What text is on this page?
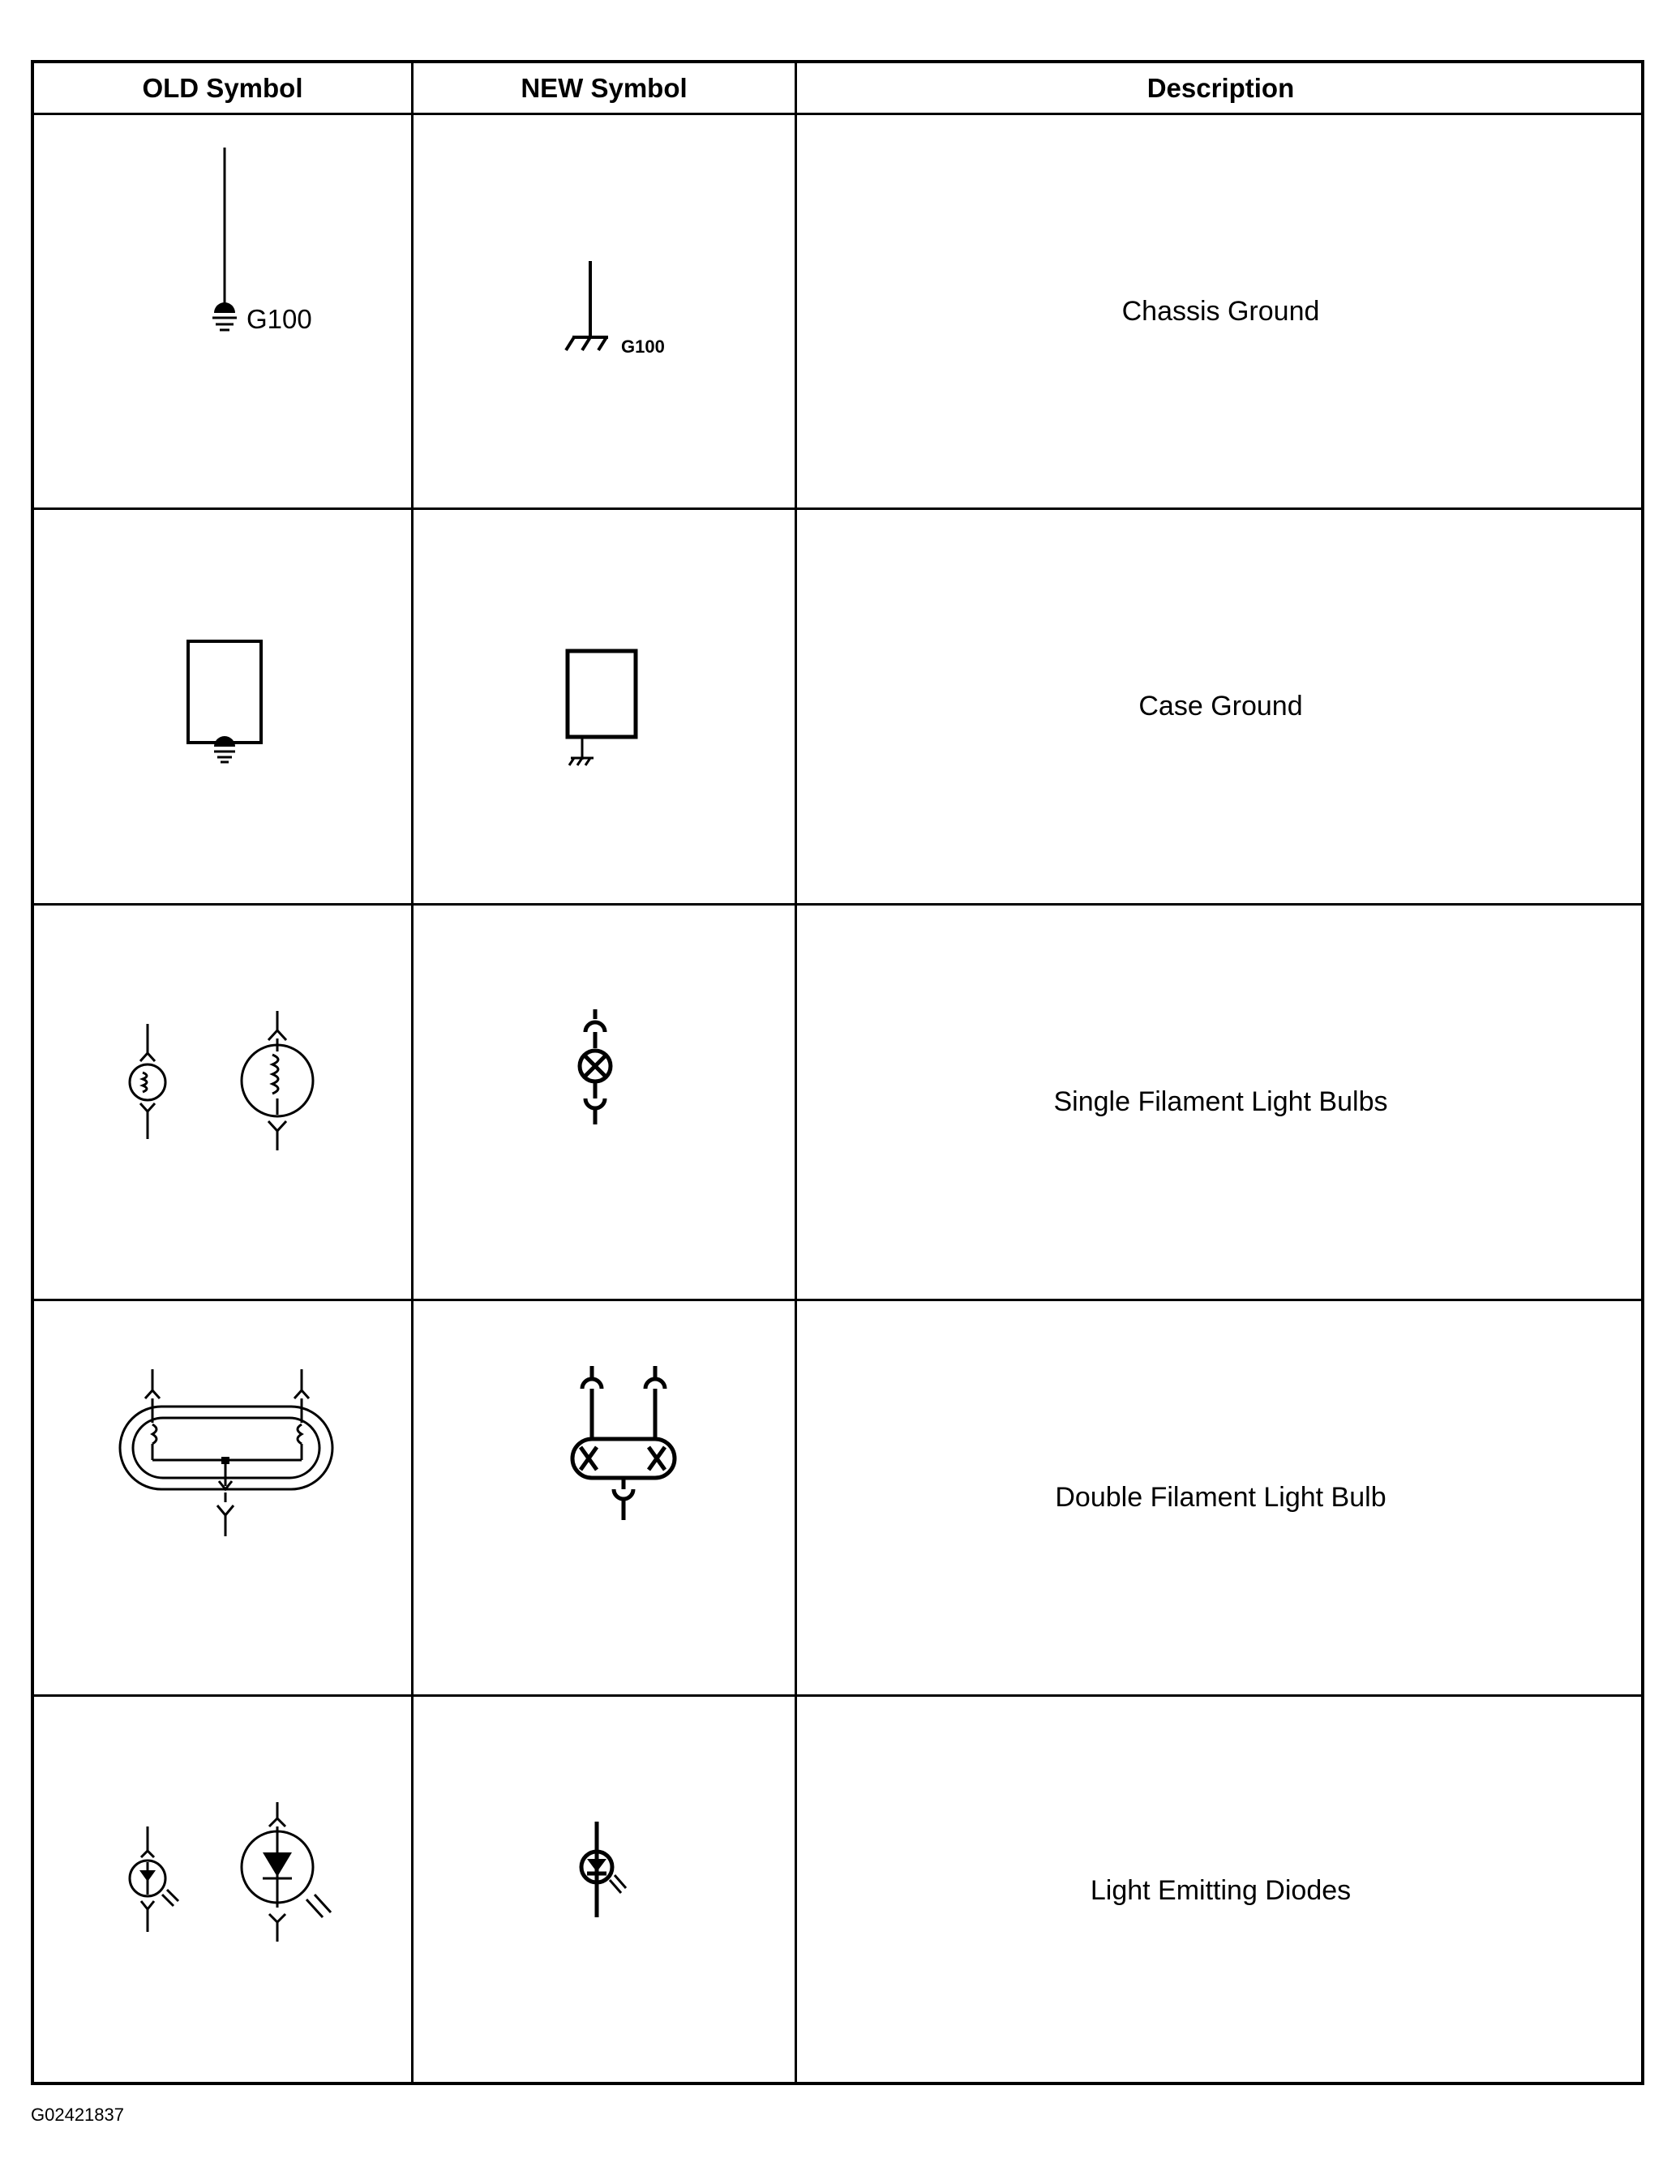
OLD Symbol	NEW Symbol	Description
G100
G100
Chassis Ground
Case Ground
Single Filament Light Bulbs
Double Filament Light Bulb
Light Emitting Diodes
G02421837
